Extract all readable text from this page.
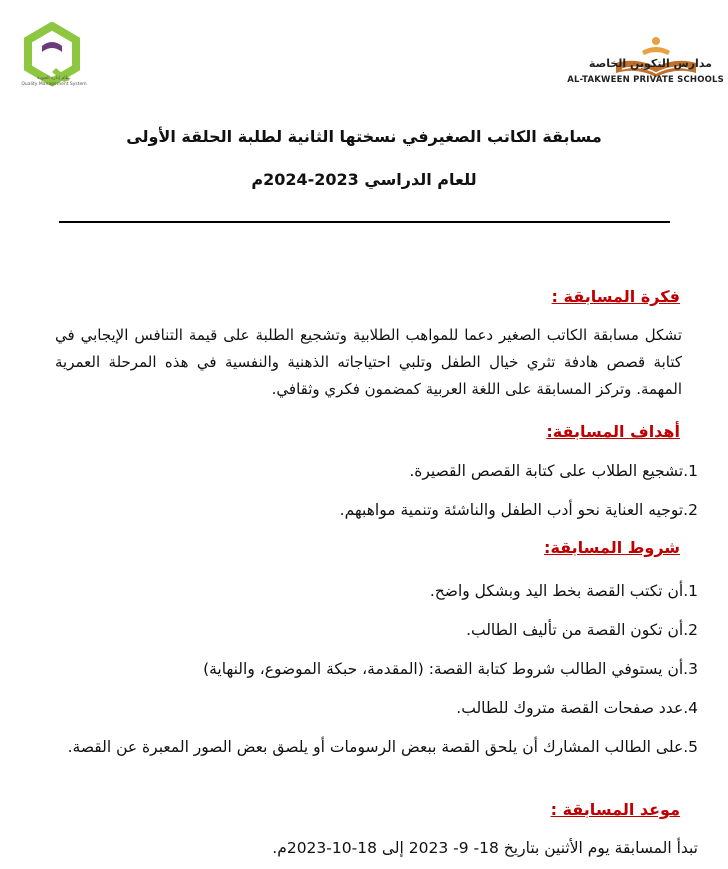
نظام إدارة الجودة
Quality Management System
مدارس التكوين الخاصة
AL-TAKWEEN PRIVATE SCHOOLS
مسابقة الكاتب الصغيرفي نسختها الثانية لطلبة الحلقة الأولى
للعام الدراسي 2023-2024م
فكرة المسابقة :
تشكل مسابقة الكاتب الصغير دعما للمواهب الطلابية وتشجيع الطلبة على قيمة التنافس الإيجابي في كتابة قصص هادفة تثري خيال الطفل وتلبي احتياجاته الذهنية والنفسية في هذه المرحلة العمرية المهمة. وتركز المسابقة على اللغة العربية كمضمون فكري وثقافي.
أهداف المسابقة:
1.تشجيع الطلاب على كتابة القصص القصيرة.
2.توجيه العناية نحو أدب الطفل والناشئة وتنمية مواهبهم.
شروط المسابقة:
1.أن تكتب القصة بخط اليد وبشكل واضح.
2.أن تكون القصة من تأليف الطالب.
3.أن يستوفي الطالب شروط كتابة القصة: (المقدمة، حبكة الموضوع، والنهاية)
4.عدد صفحات القصة متروك للطالب.
5.على الطالب المشارك أن يلحق القصة ببعض الرسومات أو يلصق بعض الصور المعبرة عن القصة.
موعد المسابقة :
تبدأ المسابقة يوم الأثنين بتاريخ 18- 9- 2023 إلى 18-10-2023م.
